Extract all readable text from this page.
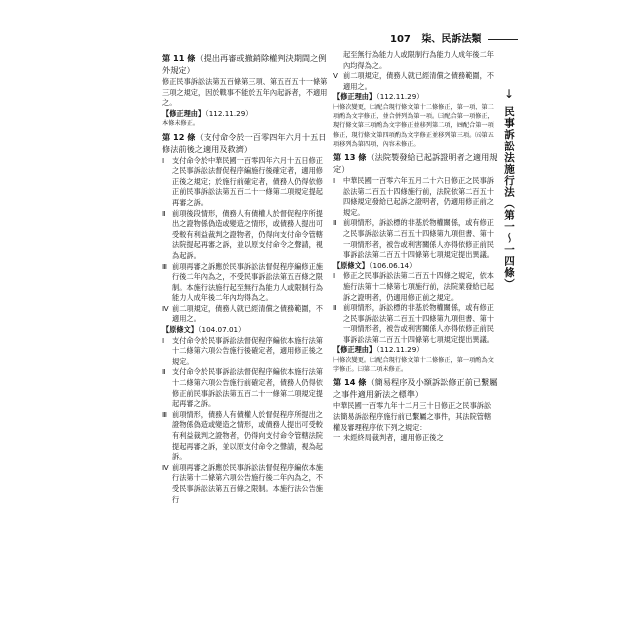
107 柒、民訴法類
第 11 條（提出再審或撤銷除權判決期間之例外規定）

修正民事訴訟法第五百條第三項、第五百五十一條第三項之規定，因於戰事不能於五年內起訴者，不適用之。

【修正理由】（112.11.29）

本條未修正。

第 12 條（支付命令於一百零四年六月十五日修法前後之適用及救濟）

Ⅰ 支付命令於中華民國一百零四年六月十五日修正之民事訴訟法督促程序編施行後確定者，適用修正後之規定；於施行前確定者，債務人仍得依修正前民事訴訟法第五百二十一條第二項規定提起再審之訴。

Ⅱ 前項後段情形，債務人有債權人於督促程序所提出之證物係偽造或變造之情形，或債務人提出可受較有利益裁判之證物者，仍得向支付命令管轄法院提起再審之訴，並以原支付命令之聲請，視為起訴。

Ⅲ 前項再審之訴應於民事訴訟法督促程序編修正施行後二年內為之，不受民事訴訟法第五百條之限制。本施行法施行起至無行為能力人或限制行為能力人成年後二年內均得為之。

Ⅳ 前二項規定，債務人就已經清償之債務範圍，不適用之。

【原條文】（104.07.01）

Ⅰ 支付命令於民事訴訟法督促程序編依本施行法第十二條第六項公告施行後確定者，適用修正後之規定。

Ⅱ 支付命令於民事訴訟法督促程序編依本施行法第十二條第六項公告施行前確定者，債務人仍得依修正前民事訴訟法第五百二十一條第二項規定提起再審之訴。

Ⅲ 前項情形，債務人有債權人於督促程序所提出之證物係偽造或變造之情形，或債務人提出可受較有利益裁判之證物者，仍得向支付命令管轄法院提起再審之訴，並以原支付命令之聲請，視為起訴。

Ⅳ 前項再審之訴應於民事訴訟法督促程序編依本施行法第十二條第六項公告施行後二年內為之，不受民事訴訟法第五百條之限制。本施行法公告施行

起至無行為能力人或限制行為能力人成年後二年內均得為之。

Ⅴ 前二項規定，債務人就已經清償之債務範圍，不適用之。

【修正理由】（112.11.29）

㈠條次變更，㈡配合現行條文第十二條修正，第一項、第二項酌為文字修正，並合併列為第一項。㈢配合第一項修正，現行條文第三項酌為文字修正並移列第二項，㈣配合第一項修正，現行條文第四項酌為文字修正並移列第三項。㈤第五項移列為第四項，內容未修正。

第 13 條（法院製發給已起訴證明者之適用規定）

Ⅰ 中華民國一百零六年五月二十六日修正之民事訴訟法第二百五十四條施行前，法院依第二百五十四條規定發給已起訴之證明者，仍適用修正前之規定。

Ⅱ 前項情形，訴訟標的非基於物權關係，或有修正之民事訴訟法第二百五十四條第九項但書、第十一項情形者，被告或利害關係人亦得依修正前民事訴訟法第二百五十四條第七項規定提出異議。

【原條文】（106.06.14）

Ⅰ 修正之民事訴訟法第二百五十四條之規定，依本施行法第十二條第七項施行前，法院業發給已起訴之證明者，仍適用修正前之規定。

Ⅱ 前項情形，訴訟標的非基於物權關係，或有修正之民事訴訟法第二百五十四條第九項但書、第十一項情形者，被告或利害關係人亦得依修正前民事訴訟法第二百五十四條第七項規定提出異議。

【修正理由】（112.11.29）

㈠條次變更。㈡配合現行條文第十二條修正，第一項酌為文字修正。㈢第二項未修正。

第 14 條（簡易程序及小額訴訟修正前已繫屬之事件適用新法之標準）

中華民國一百零九年十二月三十日修正之民事訴訟法簡易訴訟程序施行前已繫屬之事件，其法院管轄權及審理程序依下列之規定：

一 未經終局裁判者，適用修正後之

↓
民事訴訟法施行法（第一～一四條）
